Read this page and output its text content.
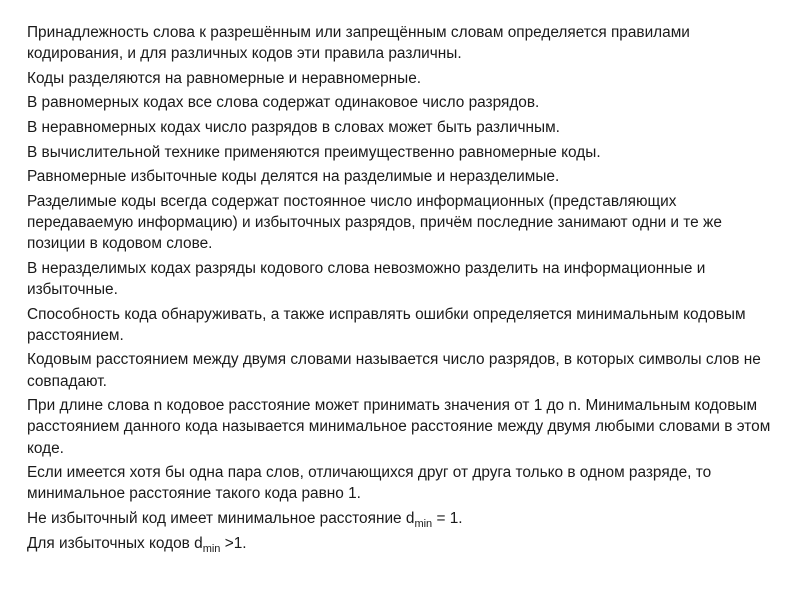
Принадлежность слова к разрешённым или запрещённым словам определяется правилами кодирования, и для различных кодов эти правила различны.

Коды разделяются на равномерные и неравномерные.

В равномерных кодах все слова содержат одинаковое число разрядов.

В неравномерных кодах число разрядов в словах может быть различным.

В вычислительной технике применяются преимущественно равномерные коды.

Равномерные избыточные коды делятся на разделимые и неразделимые.

Разделимые коды всегда содержат постоянное число информационных (представляющих передаваемую информацию) и избыточных разрядов, причём последние занимают одни и те же позиции в кодовом слове.

В неразделимых кодах разряды кодового слова невозможно разделить на информационные и избыточные.

Способность кода обнаруживать, а также исправлять ошибки определяется минимальным кодовым расстоянием.

Кодовым расстоянием между двумя словами называется число разрядов, в которых символы слов не совпадают.

При длине слова n кодовое расстояние может принимать значения от 1 до n. Минимальным кодовым расстоянием данного кода называется минимальное расстояние между двумя любыми словами в этом коде.

Если имеется хотя бы одна пара слов, отличающихся друг от друга только в одном разряде, то минимальное расстояние такого кода равно 1.

Не избыточный код имеет минимальное расстояние $d_{min} = 1$.

Для избыточных кодов $d_{min} >1$.
